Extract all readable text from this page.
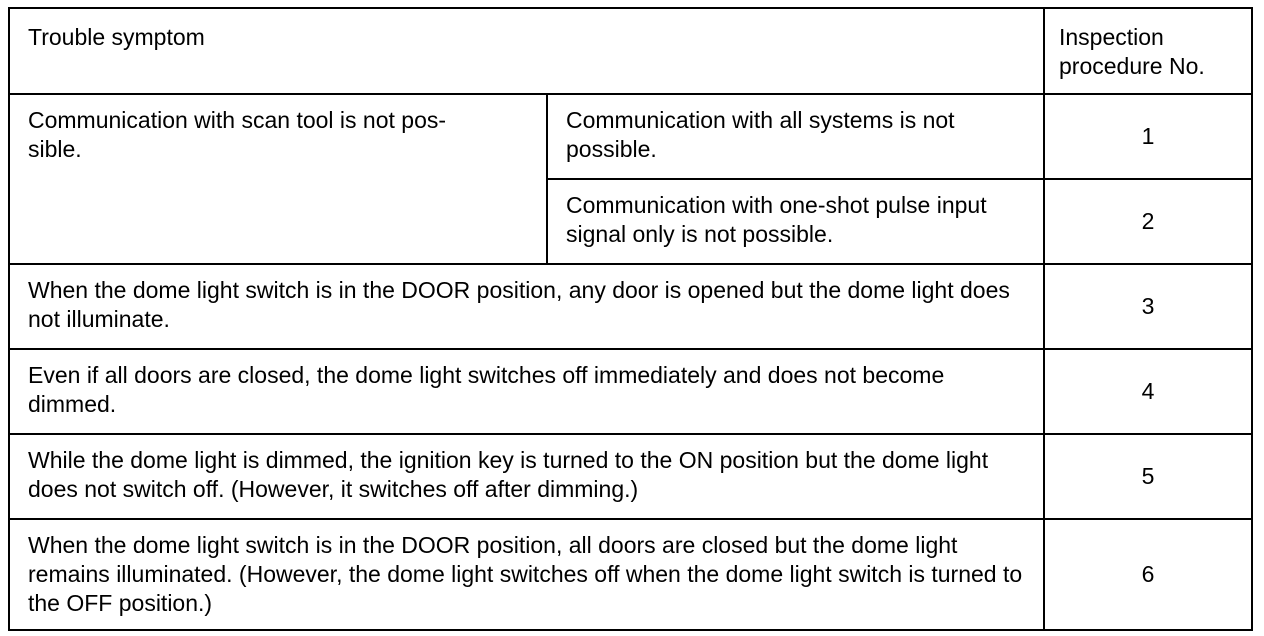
Trouble symptom		Inspection
procedure No.
Communication with scan tool is not pos-
sible.	Communication with all systems is not possible.	1
	Communication with one-shot pulse input signal only is not possible.	2
When the dome light switch is in the DOOR position, any door is opened but the dome light does not illuminate.		3
Even if all doors are closed, the dome light switches off immediately and does not become dimmed.		4
While the dome light is dimmed, the ignition key is turned to the ON position but the dome light does not switch off. (However, it switches off after dimming.)		5
When the dome light switch is in the DOOR position, all doors are closed but the dome light remains illuminated. (However, the dome light switches off when the dome light switch is turned to the OFF position.)		6
